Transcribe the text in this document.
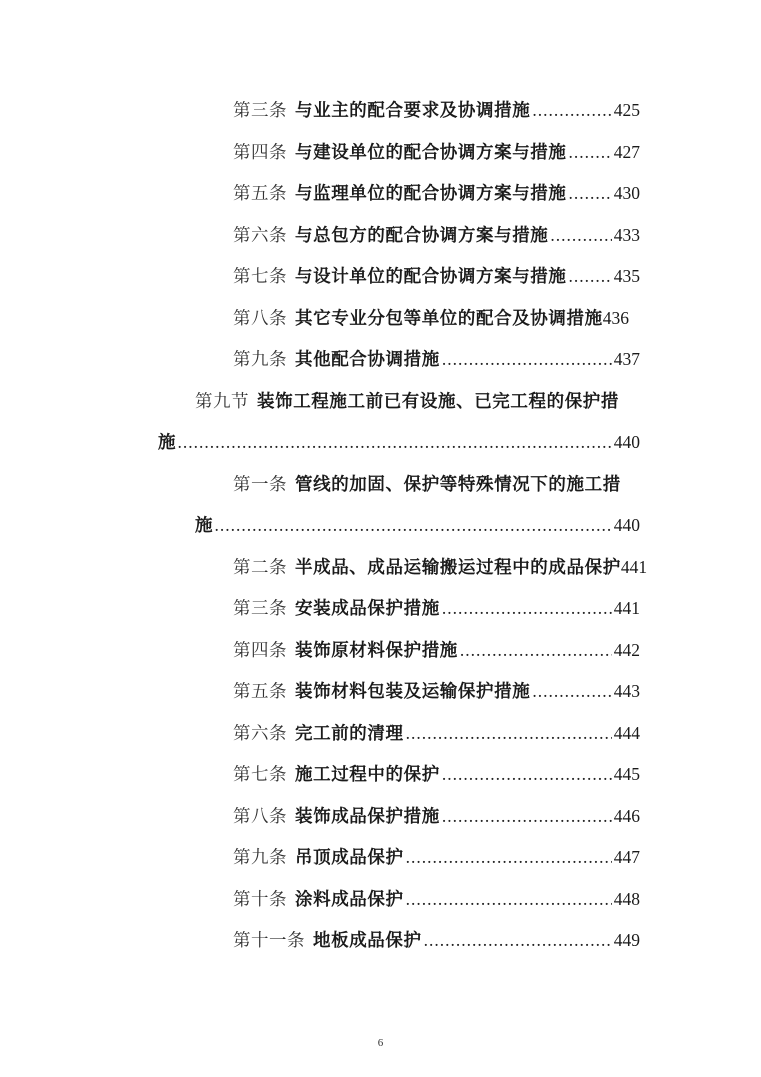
第三条 与业主的配合要求及协调措施 .....	425
第四条 与建设单位的配合协调方案与措施 .....	427
第五条 与监理单位的配合协调方案与措施 .....	430
第六条 与总包方的配合协调方案与措施 .....	433
第七条 与设计单位的配合协调方案与措施 .....	435
第八条 其它专业分包等单位的配合及协调措施 436
第九条 其他配合协调措施 .....	437
第九节 装饰工程施工前已有设施、已完工程的保护措
施 .....	440
第一条 管线的加固、保护等特殊情况下的施工措
施 .....	440
第二条 半成品、成品运输搬运过程中的成品保护 441
第三条 安装成品保护措施 .....	441
第四条 装饰原材料保护措施 .....	442
第五条 装饰材料包装及运输保护措施 .....	443
第六条 完工前的清理 .....	444
第七条 施工过程中的保护 .....	445
第八条 装饰成品保护措施 .....	446
第九条 吊顶成品保护 .....	447
第十条 涂料成品保护 .....	448
第十一条 地板成品保护 .....	449
6
